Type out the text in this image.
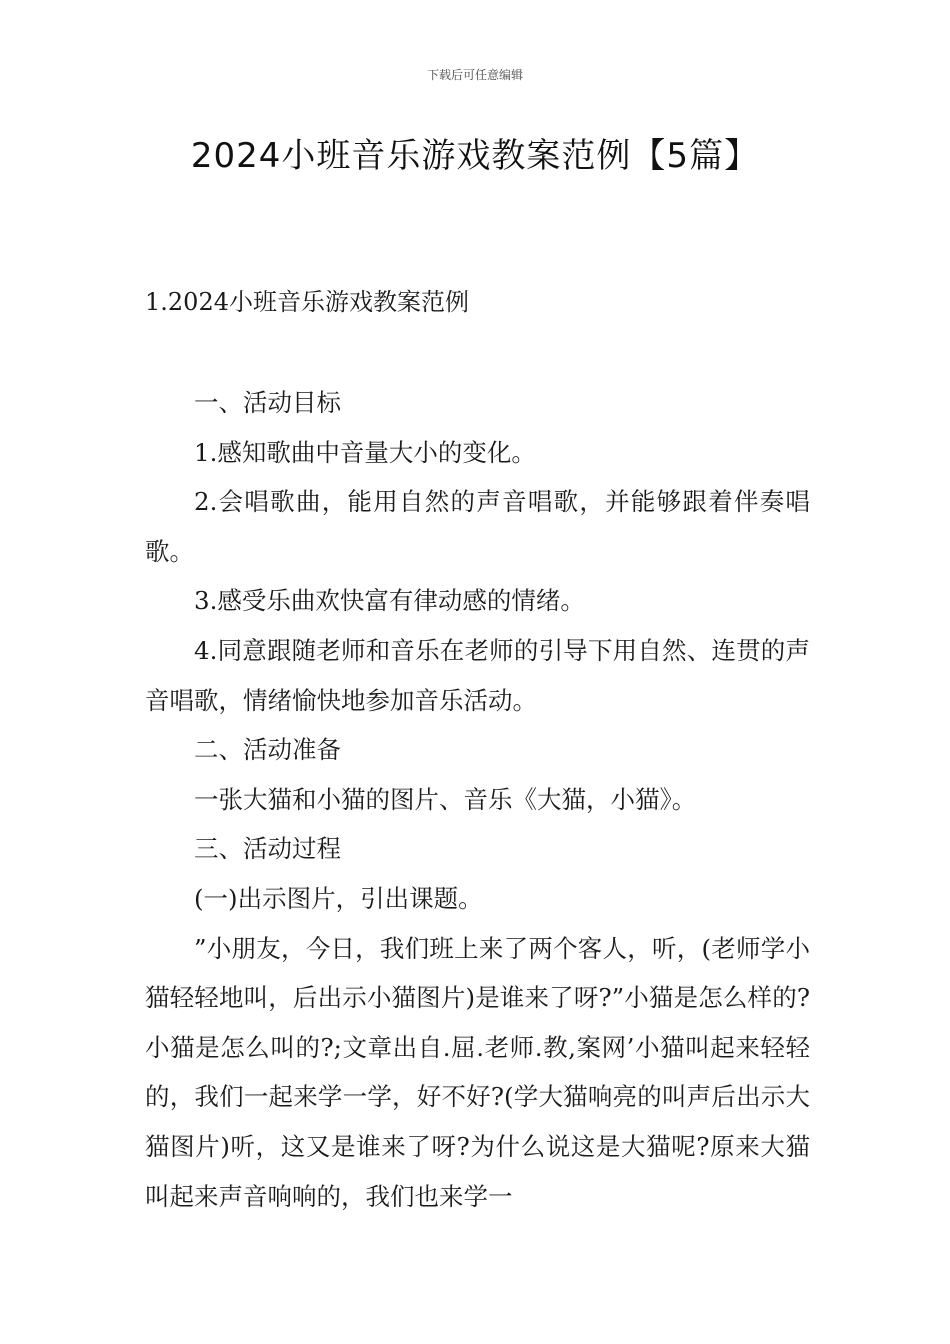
下载后可任意编辑
2024小班音乐游戏教案范例【5篇】
1.2024小班音乐游戏教案范例

一、活动目标

1.感知歌曲中音量大小的变化。

2.会唱歌曲，能用自然的声音唱歌，并能够跟着伴奏唱歌。

3.感受乐曲欢快富有律动感的情绪。

4.同意跟随老师和音乐在老师的引导下用自然、连贯的声音唱歌，情绪愉快地参加音乐活动。

二、活动准备

一张大猫和小猫的图片、音乐《大猫，小猫》。

三、活动过程

(一)出示图片，引出课题。

”小朋友，今日，我们班上来了两个客人，听，(老师学小猫轻轻地叫，后出示小猫图片)是谁来了呀?”小猫是怎么样的?小猫是怎么叫的?;文章出自.屈.老师.教,案网’小猫叫起来轻轻的，我们一起来学一学，好不好?(学大猫响亮的叫声后出示大猫图片)听，这又是谁来了呀?为什么说这是大猫呢?原来大猫叫起来声音响响的，我们也来学一
